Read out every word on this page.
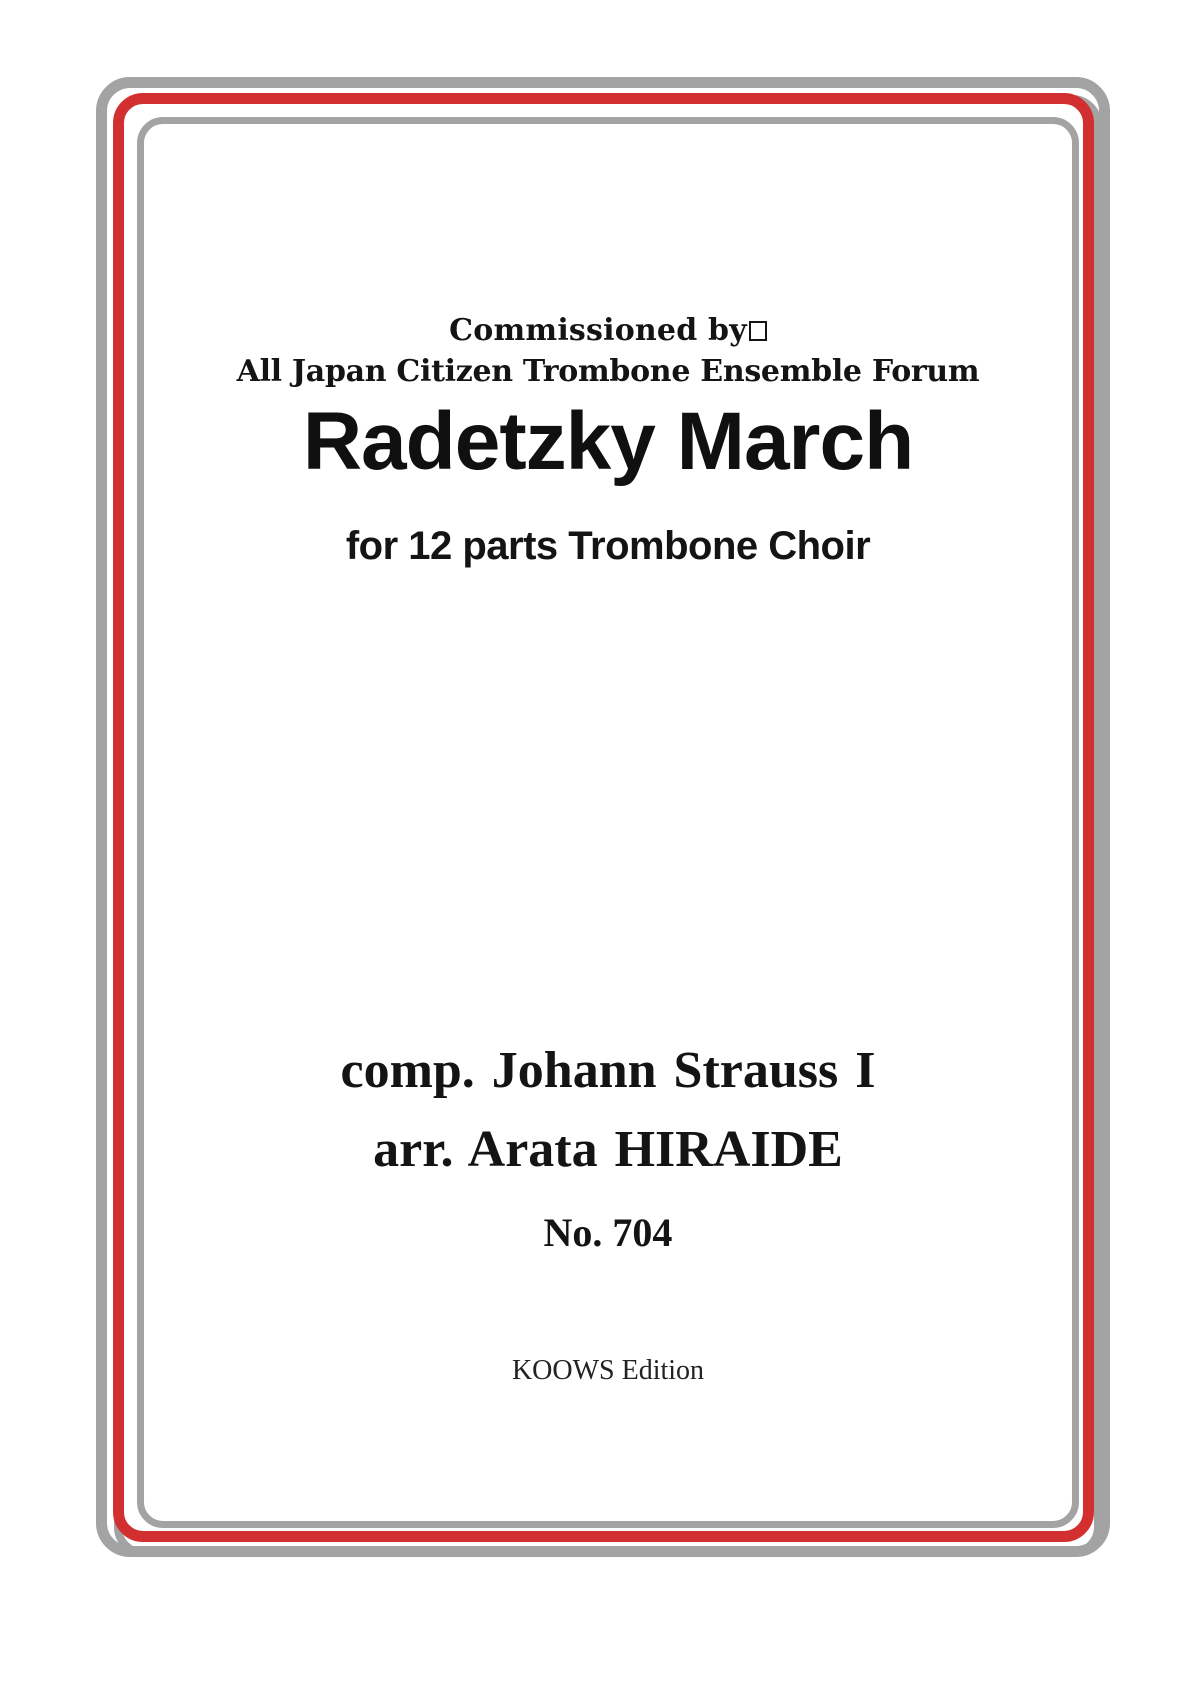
Commissioned by
All Japan Citizen Trombone Ensemble Forum
Radetzky March
for 12 parts Trombone Choir
comp. Johann Strauss I
arr. Arata HIRAIDE
No. 704
KOOWS Edition
